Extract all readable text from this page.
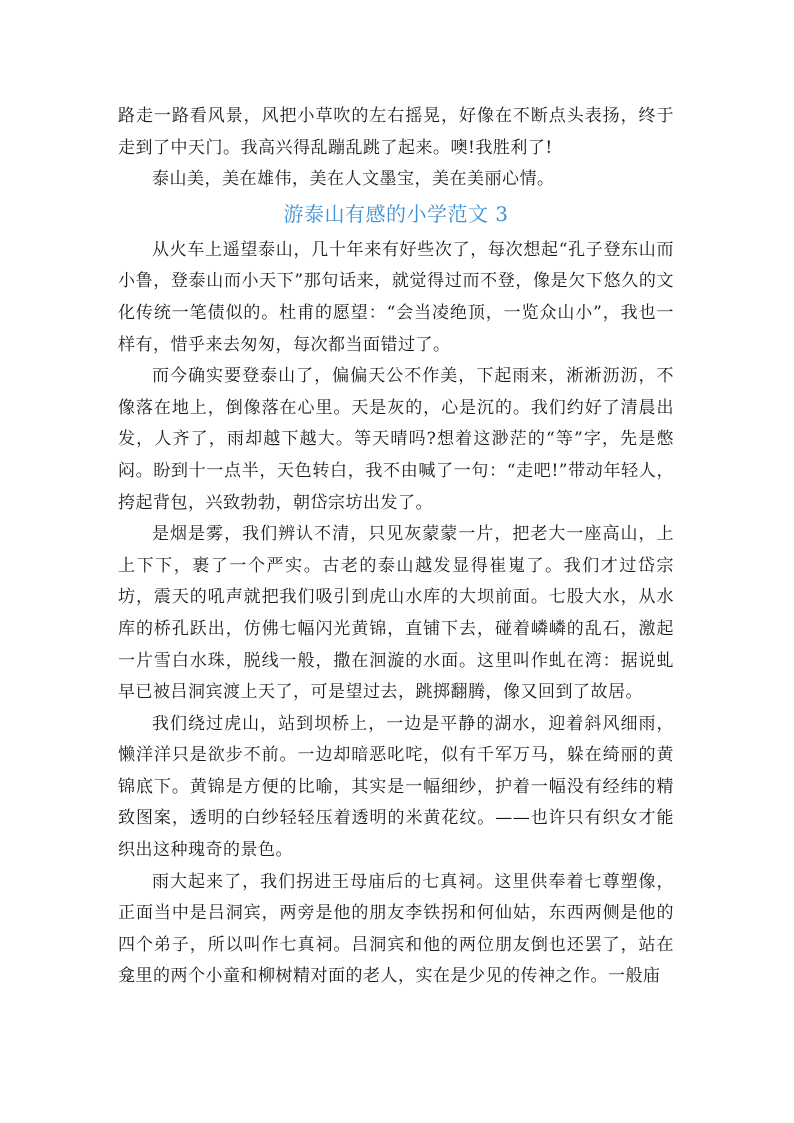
路走一路看风景，风把小草吹的左右摇晃，好像在不断点头表扬，终于走到了中天门。我高兴得乱蹦乱跳了起来。噢!我胜利了!

泰山美，美在雄伟，美在人文墨宝，美在美丽心情。

游泰山有感的小学范文 3

从火车上遥望泰山，几十年来有好些次了，每次想起“孔子登东山而小鲁，登泰山而小天下”那句话来，就觉得过而不登，像是欠下悠久的文化传统一笔债似的。杜甫的愿望：“会当凌绝顶，一览众山小”，我也一样有，惜乎来去匆匆，每次都当面错过了。

而今确实要登泰山了，偏偏天公不作美，下起雨来，淅淅沥沥，不像落在地上，倒像落在心里。天是灰的，心是沉的。我们约好了清晨出发，人齐了，雨却越下越大。等天晴吗?想着这渺茫的“等”字，先是憋闷。盼到十一点半，天色转白，我不由喊了一句：“走吧!”带动年轻人，挎起背包，兴致勃勃，朝岱宗坊出发了。

是烟是雾，我们辨认不清，只见灰蒙蒙一片，把老大一座高山，上上下下，裹了一个严实。古老的泰山越发显得崔嵬了。我们才过岱宗坊，震天的吼声就把我们吸引到虎山水库的大坝前面。七股大水，从水库的桥孔跃出，仿佛七幅闪光黄锦，直铺下去，碰着嶙嶙的乱石，激起一片雪白水珠，脱线一般，撒在洄漩的水面。这里叫作虬在湾：据说虬早已被吕洞宾渡上天了，可是望过去，跳掷翻腾，像又回到了故居。

我们绕过虎山，站到坝桥上，一边是平静的湖水，迎着斜风细雨，懒洋洋只是欲步不前。一边却暗恶叱咤，似有千军万马，躲在绮丽的黄锦底下。黄锦是方便的比喻，其实是一幅细纱，护着一幅没有经纬的精致图案，透明的白纱轻轻压着透明的米黄花纹。——也许只有织女才能织出这种瑰奇的景色。

雨大起来了，我们拐进王母庙后的七真祠。这里供奉着七尊塑像，正面当中是吕洞宾，两旁是他的朋友李铁拐和何仙姑，东西两侧是他的四个弟子，所以叫作七真祠。吕洞宾和他的两位朋友倒也还罢了，站在龛里的两个小童和柳树精对面的老人，实在是少见的传神之作。一般庙
